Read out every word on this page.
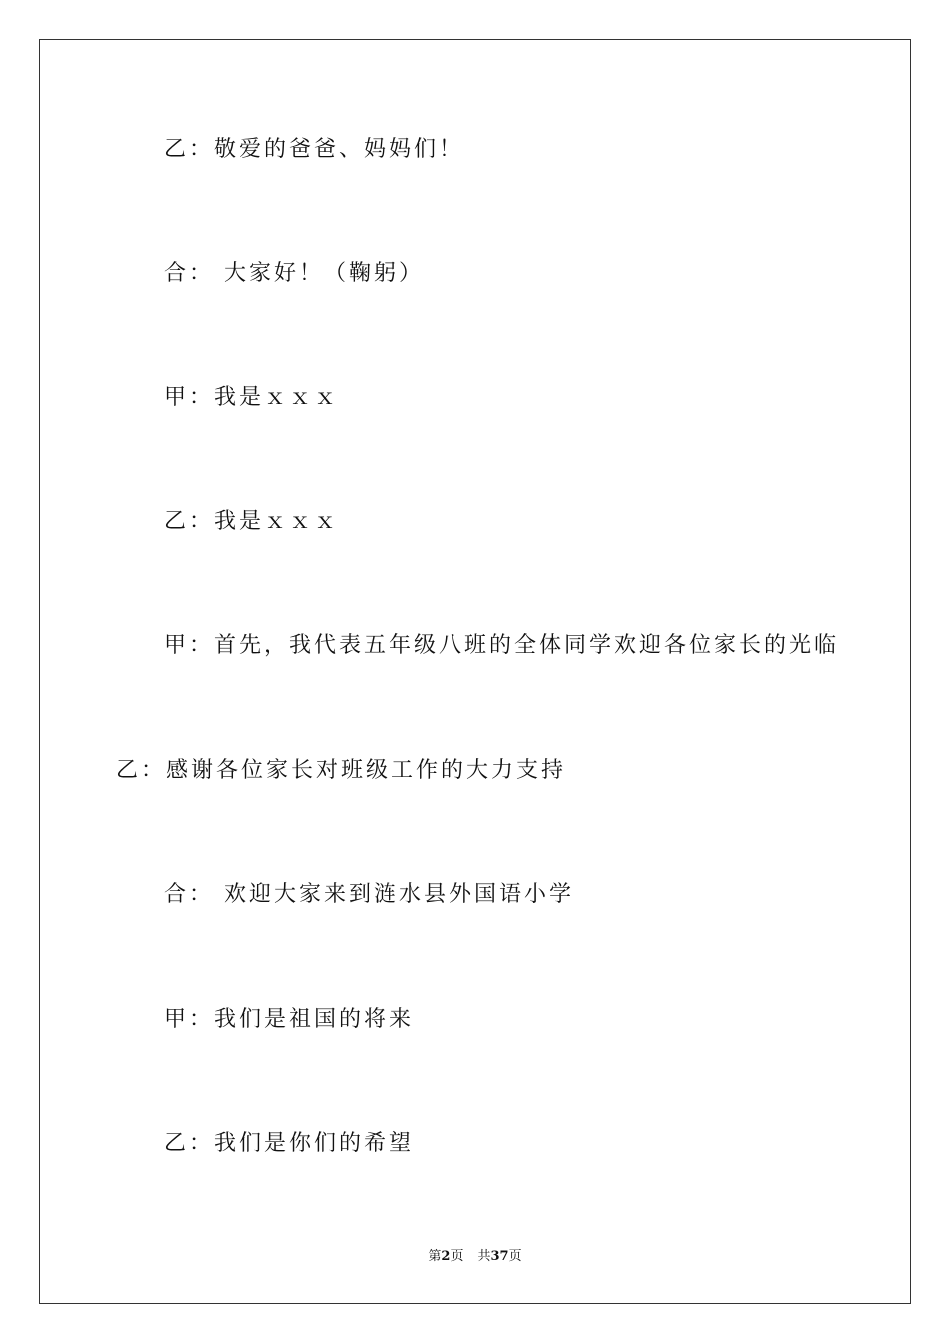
乙：敬爱的爸爸、妈妈们！
合： 大家好！（鞠躬）
甲：我是ｘｘｘ
乙：我是ｘｘｘ
甲：首先，我代表五年级八班的全体同学欢迎各位家长的光临
乙：感谢各位家长对班级工作的大力支持
合： 欢迎大家来到涟水县外国语小学
甲：我们是祖国的将来
乙：我们是你们的希望
第2页 共37页
